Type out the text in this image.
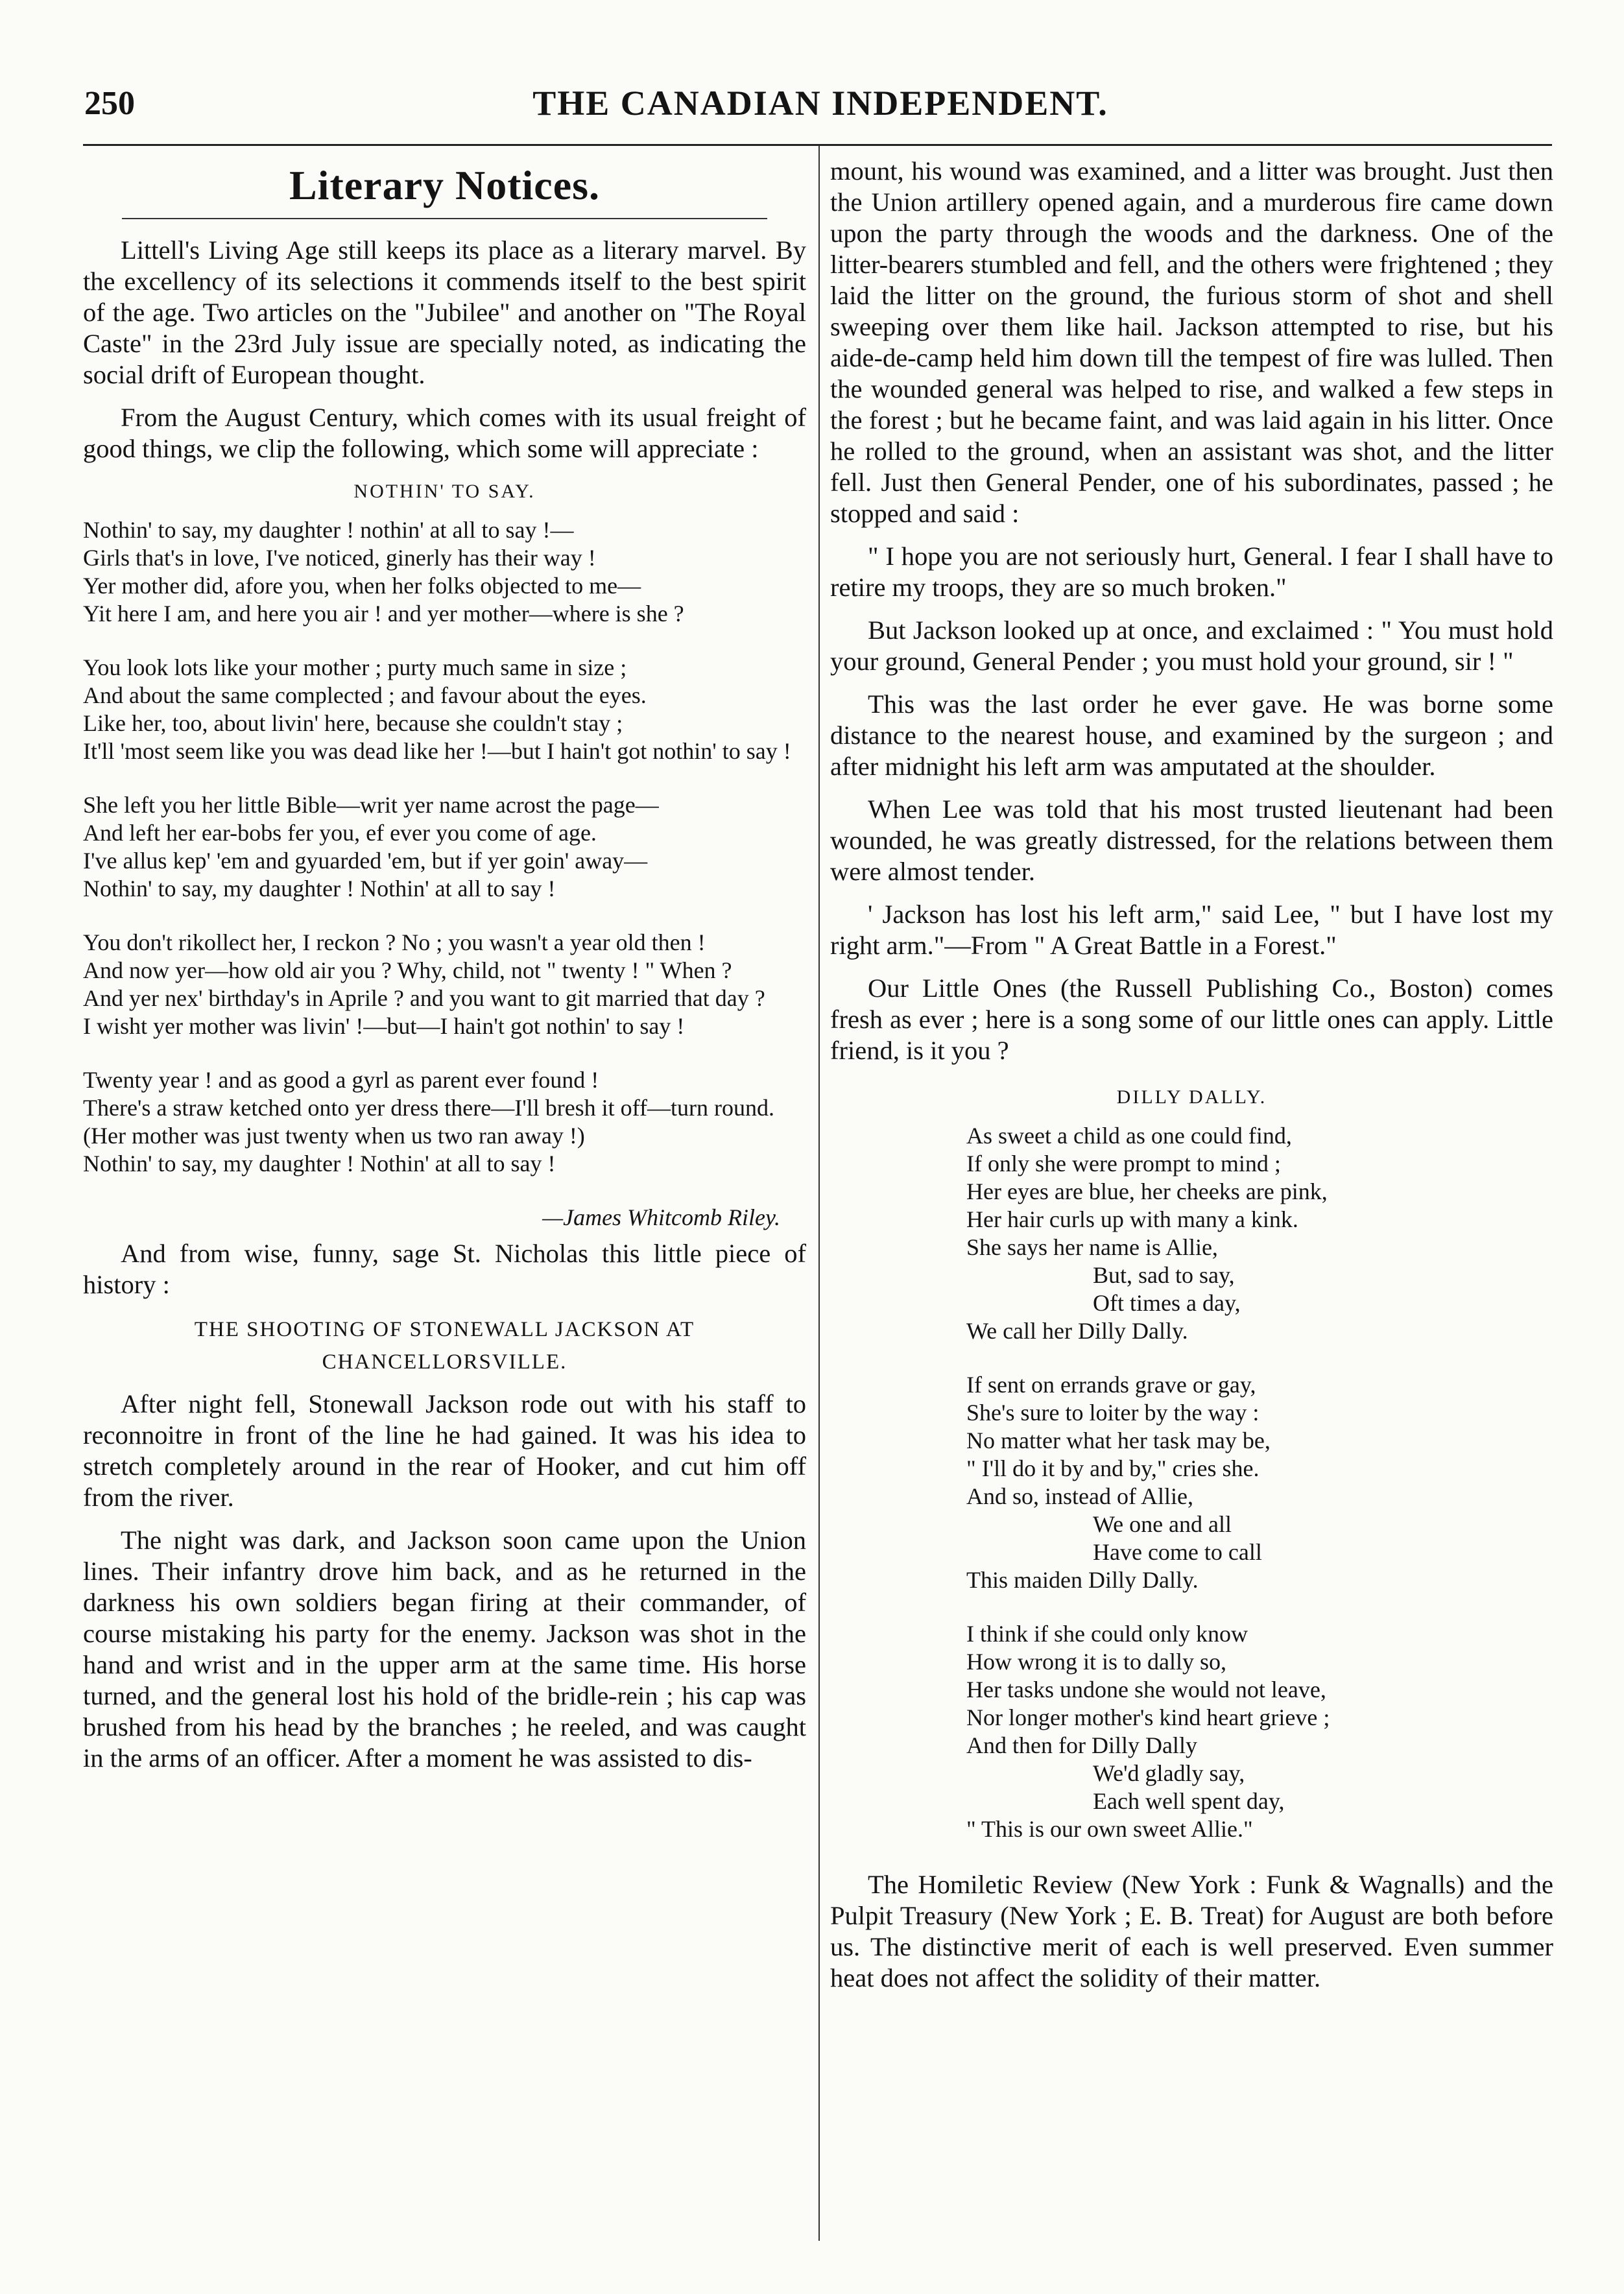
250	THE CANADIAN INDEPENDENT.
Literary Notices.

Littell's Living Age still keeps its place as a literary marvel. By the excellency of its selections it commends itself to the best spirit of the age. Two articles on the "Jubilee" and another on "The Royal Caste" in the 23rd July issue are specially noted, as indicating the social drift of European thought.

From the August Century, which comes with its usual freight of good things, we clip the following, which some will appreciate :

NOTHIN' TO SAY.
Nothin' to say, my daughter ! nothin' at all to say !—
Girls that's in love, I've noticed, ginerly has their way !
Yer mother did, afore you, when her folks objected to me—
Yit here I am, and here you air ! and yer mother—where is she ?
You look lots like your mother ; purty much same in size ;
And about the same complected ; and favour about the eyes.
Like her, too, about livin' here, because she couldn't stay ;
It'll 'most seem like you was dead like her !—but I hain't got nothin' to say !
She left you her little Bible—writ yer name acrost the page—
And left her ear-bobs fer you, ef ever you come of age.
I've allus kep' 'em and gyuarded 'em, but if yer goin' away—
Nothin' to say, my daughter ! Nothin' at all to say !
You don't rikollect her, I reckon ? No ; you wasn't a year old then !
And now yer—how old air you ? Why, child, not " twenty ! " When ?
And yer nex' birthday's in Aprile ? and you want to git married that day ?
I wisht yer mother was livin' !—but—I hain't got nothin' to say !
Twenty year ! and as good a gyrl as parent ever found !
There's a straw ketched onto yer dress there—I'll bresh it off—turn round.
(Her mother was just twenty when us two ran away !)
Nothin' to say, my daughter ! Nothin' at all to say !
—James Whitcomb Riley.

And from wise, funny, sage St. Nicholas this little piece of history :

THE SHOOTING OF STONEWALL JACKSON AT CHANCELLORSVILLE.

After night fell, Stonewall Jackson rode out with his staff to reconnoitre in front of the line he had gained. It was his idea to stretch completely around in the rear of Hooker, and cut him off from the river.

The night was dark, and Jackson soon came upon the Union lines. Their infantry drove him back, and as he returned in the darkness his own soldiers began firing at their commander, of course mistaking his party for the enemy. Jackson was shot in the hand and wrist and in the upper arm at the same time. His horse turned, and the general lost his hold of the bridle-rein ; his cap was brushed from his head by the branches ; he reeled, and was caught in the arms of an officer. After a moment he was assisted to dis-

mount, his wound was examined, and a litter was brought. Just then the Union artillery opened again, and a murderous fire came down upon the party through the woods and the darkness. One of the litter-bearers stumbled and fell, and the others were frightened ; they laid the litter on the ground, the furious storm of shot and shell sweeping over them like hail. Jackson attempted to rise, but his aide-de-camp held him down till the tempest of fire was lulled. Then the wounded general was helped to rise, and walked a few steps in the forest ; but he became faint, and was laid again in his litter. Once he rolled to the ground, when an assistant was shot, and the litter fell. Just then General Pender, one of his subordinates, passed ; he stopped and said :

" I hope you are not seriously hurt, General. I fear I shall have to retire my troops, they are so much broken."

But Jackson looked up at once, and exclaimed : " You must hold your ground, General Pender ; you must hold your ground, sir ! "

This was the last order he ever gave. He was borne some distance to the nearest house, and examined by the surgeon ; and after midnight his left arm was amputated at the shoulder.

When Lee was told that his most trusted lieutenant had been wounded, he was greatly distressed, for the relations between them were almost tender.

' Jackson has lost his left arm," said Lee, " but I have lost my right arm."—From " A Great Battle in a Forest."

Our Little Ones (the Russell Publishing Co., Boston) comes fresh as ever ; here is a song some of our little ones can apply. Little friend, is it you ?

DILLY DALLY.
As sweet a child as one could find,
If only she were prompt to mind ;
Her eyes are blue, her cheeks are pink,
Her hair curls up with many a kink.
She says her name is Allie,
But, sad to say,
Oft times a day,
We call her Dilly Dally.
If sent on errands grave or gay,
She's sure to loiter by the way :
No matter what her task may be,
" I'll do it by and by," cries she.
And so, instead of Allie,
We one and all
Have come to call
This maiden Dilly Dally.
I think if she could only know
How wrong it is to dally so,
Her tasks undone she would not leave,
Nor longer mother's kind heart grieve ;
And then for Dilly Dally
We'd gladly say,
Each well spent day,
" This is our own sweet Allie."

The Homiletic Review (New York : Funk & Wagnalls) and the Pulpit Treasury (New York ; E. B. Treat) for August are both before us. The distinctive merit of each is well preserved. Even summer heat does not affect the solidity of their matter.
